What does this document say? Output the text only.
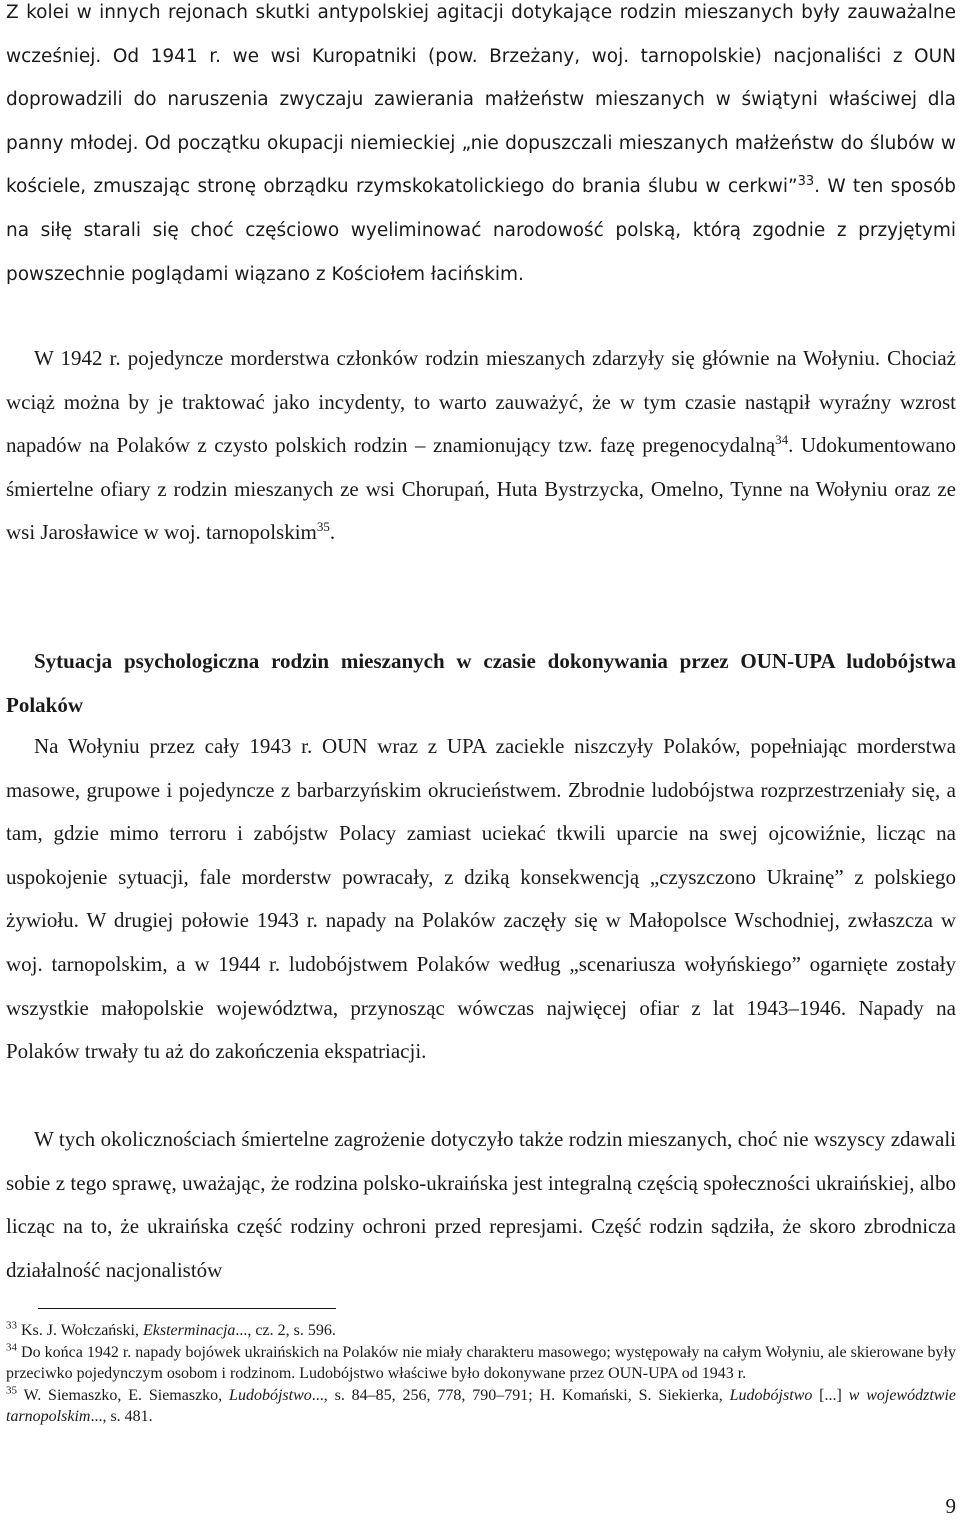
Z kolei w innych rejonach skutki antypolskiej agitacji dotykające rodzin mieszanych były zauważalne wcześniej. Od 1941 r. we wsi Kuropatniki (pow. Brzeżany, woj. tarnopolskie) nacjonaliści z OUN doprowadzili do naruszenia zwyczaju zawierania małżeństw mieszanych w świątyni właściwej dla panny młodej. Od początku okupacji niemieckiej „nie dopuszczali mieszanych małżeństw do ślubów w kościele, zmuszając stronę obrządku rzymskokatolickiego do brania ślubu w cerkwi”$^{33}$. W ten sposób na siłę starali się choć częściowo wyeliminować narodowość polską, którą zgodnie z przyjętymi powszechnie poglądami wiązano z Kościołem łacińskim.

W 1942 r. pojedyncze morderstwa członków rodzin mieszanych zdarzyły się głównie na Wołyniu. Chociaż wciąż można by je traktować jako incydenty, to warto zauważyć, że w tym czasie nastąpił wyraźny wzrost napadów na Polaków z czysto polskich rodzin – znamionujący tzw. fazę pregenocydalną$^{34}$. Udokumentowano śmiertelne ofiary z rodzin mieszanych ze wsi Chorupań, Huta Bystrzycka, Omelno, Tynne na Wołyniu oraz ze wsi Jarosławice w woj. tarnopolskim$^{35}$.

Sytuacja psychologiczna rodzin mieszanych w czasie dokonywania przez OUN-UPA ludobójstwa Polaków

Na Wołyniu przez cały 1943 r. OUN wraz z UPA zaciekle niszczyły Polaków, popełniając morderstwa masowe, grupowe i pojedyncze z barbarzyńskim okrucieństwem. Zbrodnie ludobójstwa rozprzestrzeniały się, a tam, gdzie mimo terroru i zabójstw Polacy zamiast uciekać tkwili uparcie na swej ojcowiźnie, licząc na uspokojenie sytuacji, fale morderstw powracały, z dziką konsekwencją „czyszczono Ukrainę” z polskiego żywiołu. W drugiej połowie 1943 r. napady na Polaków zaczęły się w Małopolsce Wschodniej, zwłaszcza w woj. tarnopolskim, a w 1944 r. ludobójstwem Polaków według „scenariusza wołyńskiego” ogarnięte zostały wszystkie małopolskie województwa, przynosząc wówczas najwięcej ofiar z lat 1943–1946. Napady na Polaków trwały tu aż do zakończenia ekspatriacji.

W tych okolicznościach śmiertelne zagrożenie dotyczyło także rodzin mieszanych, choć nie wszyscy zdawali sobie z tego sprawę, uważając, że rodzina polsko-ukraińska jest integralną częścią społeczności ukraińskiej, albo licząc na to, że ukraińska część rodziny ochroni przed represjami. Część rodzin sądziła, że skoro zbrodnicza działalność nacjonalistów

$^{33}$ Ks. J. Wołczański, Eksterminacja..., cz. 2, s. 596.

$^{34}$ Do końca 1942 r. napady bojówek ukraińskich na Polaków nie miały charakteru masowego; występowały na całym Wołyniu, ale skierowane były przeciwko pojedynczym osobom i rodzinom. Ludobójstwo właściwe było dokonywane przez OUN-UPA od 1943 r.

$^{35}$ W. Siemaszko, E. Siemaszko, Ludobójstwo..., s. 84–85, 256, 778, 790–791; H. Komański, S. Siekierka, Ludobójstwo [...] w województwie tarnopolskim..., s. 481.

9
